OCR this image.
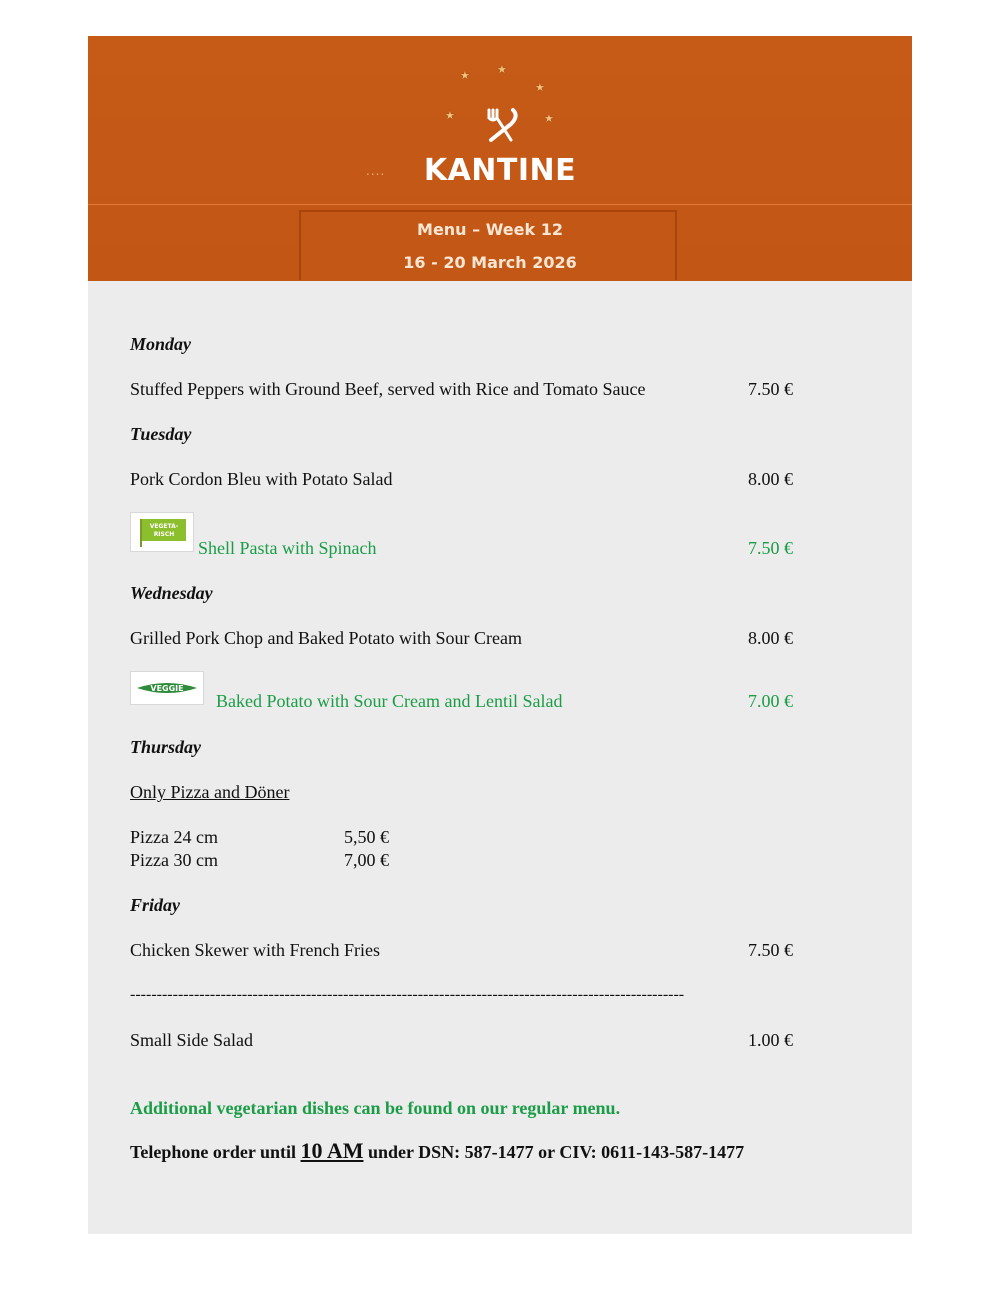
★ ★
★
★	★
....	KANTINE
Menu – Week 12
16 - 20 March 2026
Monday
Stuffed Peppers with Ground Beef, served with Rice and Tomato Sauce	7.50 €
Tuesday
Pork Cordon Bleu with Potato Salad	8.00 €
VEGETA-
RISCH
Shell Pasta with Spinach	7.50 €
Wednesday
Grilled Pork Chop and Baked Potato with Sour Cream	8.00 €
VEGGIE
Baked Potato with Sour Cream and Lentil Salad	7.00 €
Thursday
Only Pizza and Döner
Pizza 24 cm	5,50 €
Pizza 30 cm	7,00 €
Friday
Chicken Skewer with French Fries	7.50 €
--------------------------------------------------------------------------------------------------------
Small Side Salad	1.00 €
Additional vegetarian dishes can be found on our regular menu.
Telephone order until 10 AM under DSN: 587-1477 or CIV: 0611-143-587-1477
